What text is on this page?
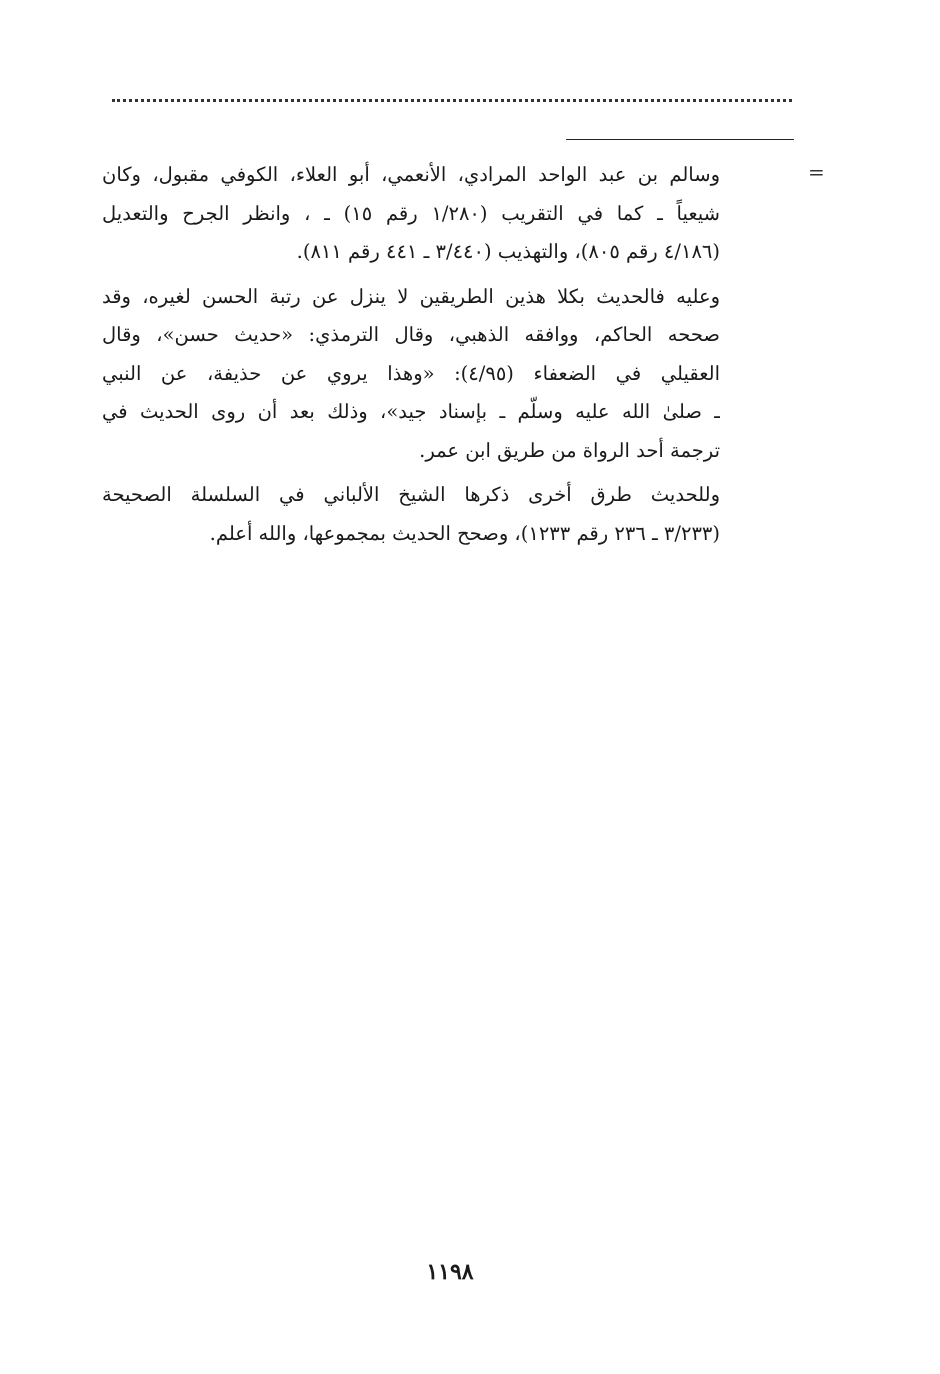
=

وسالم بن عبد الواحد المرادي، الأنعمي، أبو العلاء، الكوفي مقبول، وكان
شيعياً ـ كما في التقريب (١/٢٨٠ رقم ١٥) ـ ، وانظر الجرح والتعديل
(٤/١٨٦ رقم ٨٠٥)، والتهذيب (٣/٤٤٠ ـ ٤٤١ رقم ٨١١).

وعليه فالحديث بكلا هذين الطريقين لا ينزل عن رتبة الحسن لغيره، وقد
صححه الحاكم، ووافقه الذهبي، وقال الترمذي: «حديث حسن»، وقال
العقيلي في الضعفاء (٤/٩٥): «وهذا يروي عن حذيفة، عن النبي
ـ صلىٰ الله عليه وسلّم ـ بإسناد جيد»، وذلك بعد أن روى الحديث في
ترجمة أحد الرواة من طريق ابن عمر.

وللحديث طرق أخرى ذكرها الشيخ الألباني في السلسلة الصحيحة
(٣/٢٣٣ ـ ٢٣٦ رقم ١٢٣٣)، وصحح الحديث بمجموعها، والله أعلم.

١١٩٨
